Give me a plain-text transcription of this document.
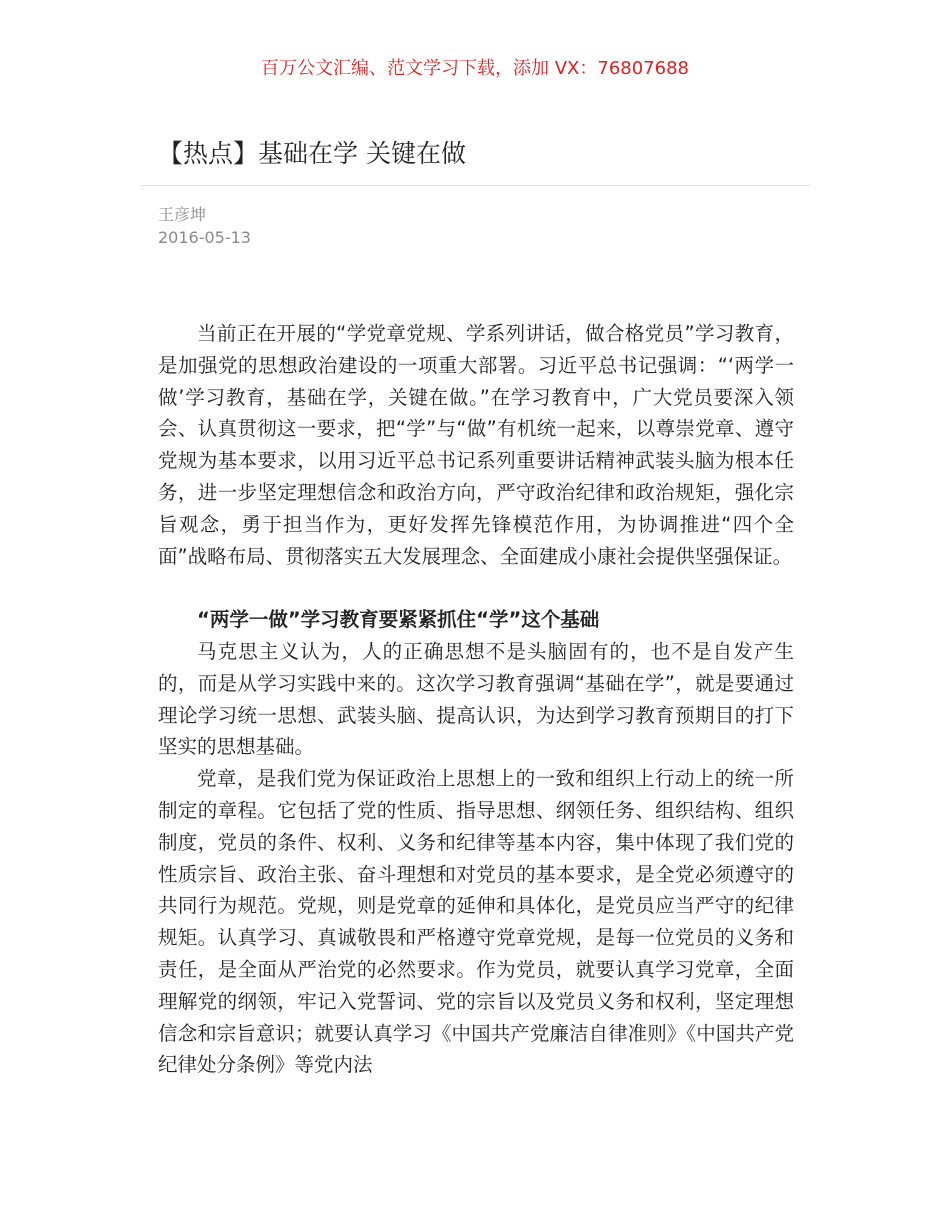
百万公文汇编、范文学习下载，添加 VX：76807688
【热点】基础在学 关键在做
王彦坤
2016-05-13

当前正在开展的“学党章党规、学系列讲话，做合格党员”学习教育，是加强党的思想政治建设的一项重大部署。习近平总书记强调：“‘两学一做’学习教育，基础在学，关键在做。”在学习教育中，广大党员要深入领会、认真贯彻这一要求，把“学”与“做”有机统一起来，以尊崇党章、遵守党规为基本要求，以用习近平总书记系列重要讲话精神武装头脑为根本任务，进一步坚定理想信念和政治方向，严守政治纪律和政治规矩，强化宗旨观念，勇于担当作为，更好发挥先锋模范作用，为协调推进“四个全面”战略布局、贯彻落实五大发展理念、全面建成小康社会提供坚强保证。

“两学一做”学习教育要紧紧抓住“学”这个基础

马克思主义认为，人的正确思想不是头脑固有的，也不是自发产生的，而是从学习实践中来的。这次学习教育强调“基础在学”，就是要通过理论学习统一思想、武装头脑、提高认识，为达到学习教育预期目的打下坚实的思想基础。

党章，是我们党为保证政治上思想上的一致和组织上行动上的统一所制定的章程。它包括了党的性质、指导思想、纲领任务、组织结构、组织制度，党员的条件、权利、义务和纪律等基本内容，集中体现了我们党的性质宗旨、政治主张、奋斗理想和对党员的基本要求，是全党必须遵守的共同行为规范。党规，则是党章的延伸和具体化，是党员应当严守的纪律规矩。认真学习、真诚敬畏和严格遵守党章党规，是每一位党员的义务和责任，是全面从严治党的必然要求。作为党员，就要认真学习党章，全面理解党的纲领，牢记入党誓词、党的宗旨以及党员义务和权利，坚定理想信念和宗旨意识；就要认真学习《中国共产党廉洁自律准则》《中国共产党纪律处分条例》等党内法
